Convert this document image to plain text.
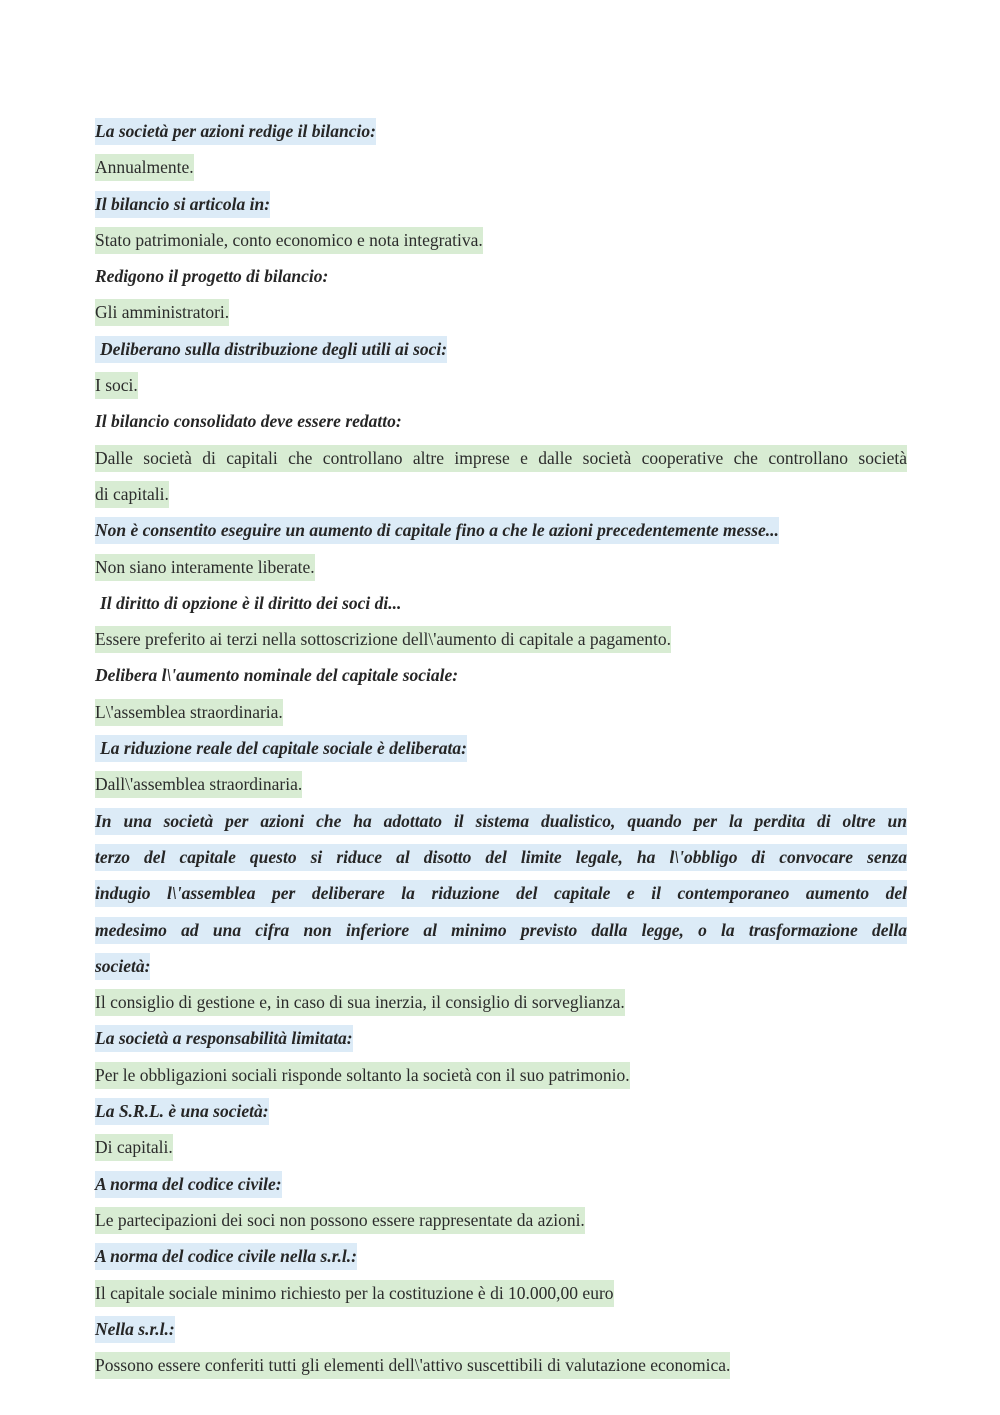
La società per azioni redige il bilancio:
Annualmente.
Il bilancio si articola in:
Stato patrimoniale, conto economico e nota integrativa.
Redigono il progetto di bilancio:
Gli amministratori.
Deliberano sulla distribuzione degli utili ai soci:
I soci.
Il bilancio consolidato deve essere redatto:
Dalle società di capitali che controllano altre imprese e dalle società cooperative che controllano società
di capitali.
Non è consentito eseguire un aumento di capitale fino a che le azioni precedentemente messe...
Non siano interamente liberate.
Il diritto di opzione è il diritto dei soci di...
Essere preferito ai terzi nella sottoscrizione dell\'aumento di capitale a pagamento.
Delibera l\'aumento nominale del capitale sociale:
L\'assemblea straordinaria.
La riduzione reale del capitale sociale è deliberata:
Dall\'assemblea straordinaria.
In una società per azioni che ha adottato il sistema dualistico, quando per la perdita di oltre un
terzo del capitale questo si riduce al disotto del limite legale, ha l\'obbligo di convocare senza
indugio l\'assemblea per deliberare la riduzione del capitale e il contemporaneo aumento del
medesimo ad una cifra non inferiore al minimo previsto dalla legge, o la trasformazione della
società:
Il consiglio di gestione e, in caso di sua inerzia, il consiglio di sorveglianza.
La società a responsabilità limitata:
Per le obbligazioni sociali risponde soltanto la società con il suo patrimonio.
La S.R.L. è una società:
Di capitali.
A norma del codice civile:
Le partecipazioni dei soci non possono essere rappresentate da azioni.
A norma del codice civile nella s.r.l.:
Il capitale sociale minimo richiesto per la costituzione è di 10.000,00 euro
Nella s.r.l.:
Possono essere conferiti tutti gli elementi dell\'attivo suscettibili di valutazione economica.
